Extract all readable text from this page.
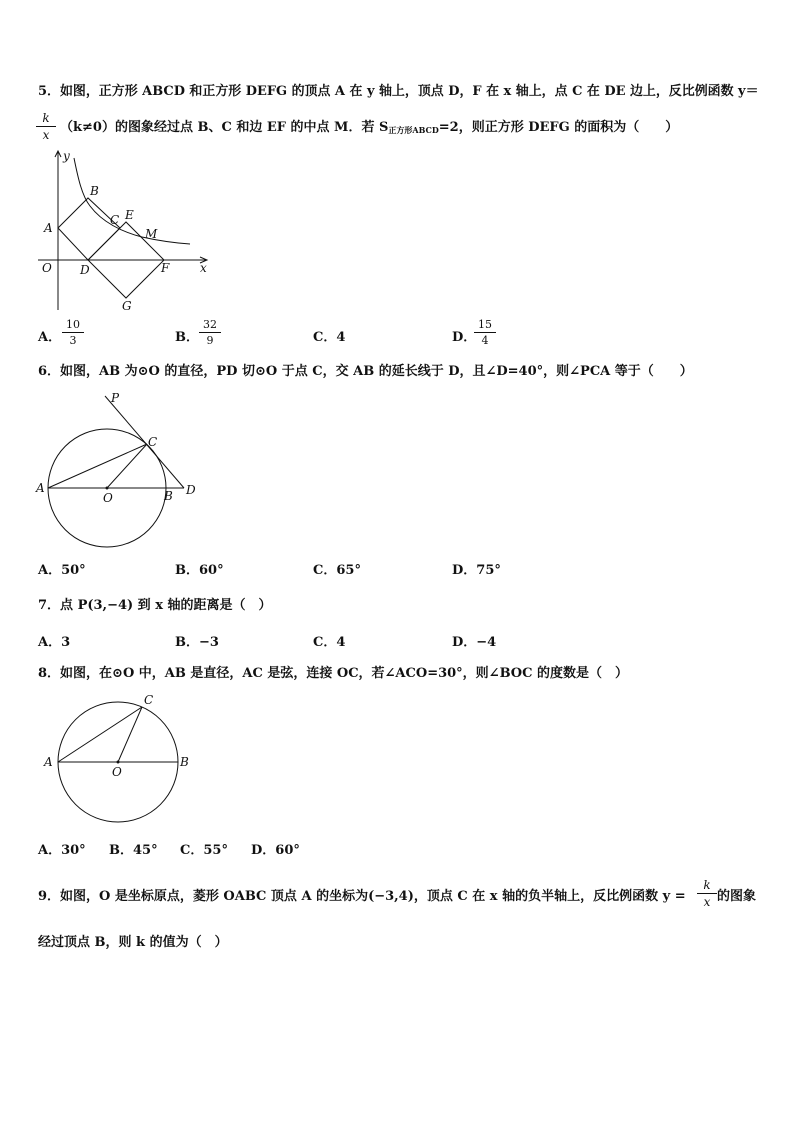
5．如图，正方形 ABCD 和正方形 DEFG 的顶点 A 在 y 轴上，顶点 D，F 在 x 轴上，点 C 在 DE 边上，反比例函数 y＝
k
x （k≠0）的图象经过点 B、C 和边 EF 的中点 M．若 $S_{正方形ABCD}=2$，则正方形 DEFG 的面积为（　　）
y
B
C E
M
A
O D	F	x
G
A．
10
3	B．
32
9	C．4	D．
15
4
6．如图，AB 为⊙O 的直径，PD 切⊙O 于点 C，交 AB 的延长线于 D，且∠D=40°，则∠PCA 等于（　　）
P
C
A
O	B D
A．50°	B．60°	C．65°	D．75°
7．点 P(3,−4) 到 x 轴的距离是（　）
A．3	B．−3	C．4	D．−4
8．如图，在⊙O 中，AB 是直径，AC 是弦，连接 OC，若∠ACO=30°，则∠BOC 的度数是（　）
C
A
O
B
A．30° B．45° C．55° D．60°
9．如图，O 是坐标原点，菱形 OABC 顶点 A 的坐标为(−3,4)，顶点 C 在 x 轴的负半轴上，反比例函数 y =
k
x 的图象
经过顶点 B，则 k 的值为（　）
